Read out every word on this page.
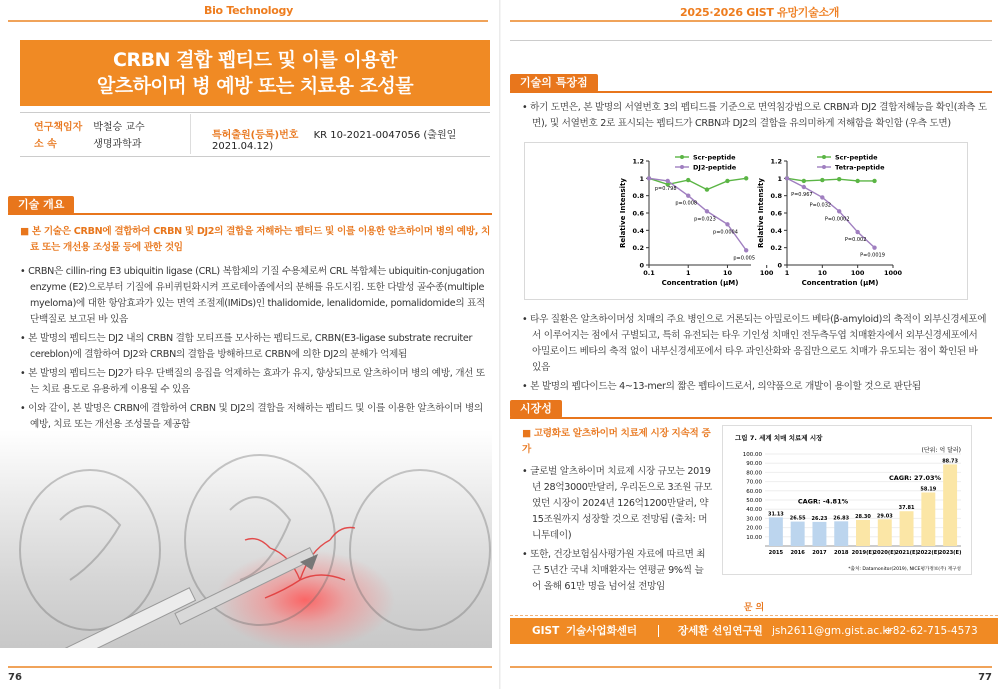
Bio Technology
CRBN 결합 펩티드 및 이를 이용한
알츠하이머 병 예방 또는 치료용 조성물
연구책임자 박철승 교수
소 속	생명과학과
특허출원(등록)번호 KR 10-2021-0047056 (출원일 2021.04.12)
기술 개요

■ 본 기술은 CRBN에 결합하여 CRBN 및 DJ2의 결합을 저해하는 펩티드 및 이를 이용한 알츠하이머 병의 예방, 치료 또는 개선용 조성물 등에 관한 것임

• CRBN은 cillin-ring E3 ubiquitin ligase (CRL) 복합체의 기질 수용체로써 CRL 복합체는 ubiquitin-conjugation enzyme (E2)으로부터 기질에 유비퀴틴화시켜 프로테아좀에서의 분해를 유도시킴. 또한 다발성 골수종(multiple myeloma)에 대한 항암효과가 있는 면역 조절제(IMiDs)인 thalidomide, lenalidomide, pomalidomide의 표적 단백질로 보고된 바 있음

• 본 발명의 펩티드는 DJ2 내의 CRBN 결합 모티프를 모사하는 펩티드로, CRBN(E3-ligase substrate recruiter cereblon)에 결합하여 DJ2와 CRBN의 결합을 방해하므로 CRBN에 의한 DJ2의 분해가 억제됨

• 본 발명의 펩티드는 DJ2가 타우 단백질의 응집을 억제하는 효과가 유지, 향상되므로 알츠하이머 병의 예방, 개선 또는 치료 용도로 유용하게 이용될 수 있음

• 이와 같이, 본 발명은 CRBN에 결합하여 CRBN 및 DJ2의 결합을 저해하는 펩티드 및 이를 이용한 알츠하이머 병의 예방, 치료 또는 개선용 조성물을 제공함

76
2025·2026 GIST 유망기술소개
기술의 특장점

• 하기 도면은, 본 발명의 서열번호 3의 펩티드를 기준으로 면역침강법으로 CRBN과 DJ2 결합저해능을 확인(좌측 도면), 및 서열번호 2로 표시되는 펩티드가 CRBN과 DJ2의 결합을 유의미하게 저해함을 확인함 (우측 도면)

• 타우 질환은 알츠하이머성 치매의 주요 병인으로 거론되는 아밀로이드 베타(β-amyloid)의 축적이 외부신경세포에서 이루어지는 점에서 구별되고, 특히 유전되는 타우 기인성 치매인 전두측두엽 치매환자에서 외부신경세포에서 아밀로이드 베타의 축적 없이 내부신경세포에서 타우 과인산화와 응집만으로도 치매가 유도되는 점이 확인된 바 있음

• 본 발명의 펩다이드는 4~13-mer의 짧은 펩타이드로서, 의약품으로 개발이 용이할 것으로 판단됨

시장성

■ 고령화로 알츠하이머 치료제 시장 지속적 증가

• 글로벌 알츠하이머 치료제 시장 규모는 2019년 28억3000만달러, 우리돈으로 3조원 규모였던 시장이 2024년 126억1200만달러, 약 15조원까지 성장할 것으로 전망됨 (출처: 머니투데이)

• 또한, 건강보험심사평가원 자료에 따르면 최근 5년간 국내 치매환자는 연평균 9%씩 늘어 올해 61만 명을 넘어설 전망임

문 의
GIST 기술사업화센터	장세환 선임연구원 jsh2611@gm.gist.ac.kr
+82-62-715-4573
77
0
0.2
0.4
0.6
0.8
1
1.2
0.1	1	10	100
Concentration (μM)
Relative Intensity
Scr-peptide
DJ2-peptide
p=0.798
p=0.008
p=0.023
p=0.0004
p=0.005
0
0.2
0.4
0.6
0.8
1
1.2
1	10	100	1000
Concentration (μM)
Relative Intensity
Scr-peptide
Tetra-peptide
P=0.967
P=0.032
P=0.0002
P=0.002
P=0.0019
그림 7. 세계 치매 치료제 시장
(단위: 억 달러)
10.00
20.00
30.00
40.00
50.00
60.00
70.00
80.00
90.00
100.00
31.13
2015
26.55
2016
26.23
2017
26.83
2018
28.30
2019(E)
29.03
2020(E)
37.81
2021(E)
58.19
2022(E)
88.73
2023(E)
CAGR: -4.81%
CAGR: 27.03%
*출처: Datamonitor(2019), NICE평가정보(주) 재구성
